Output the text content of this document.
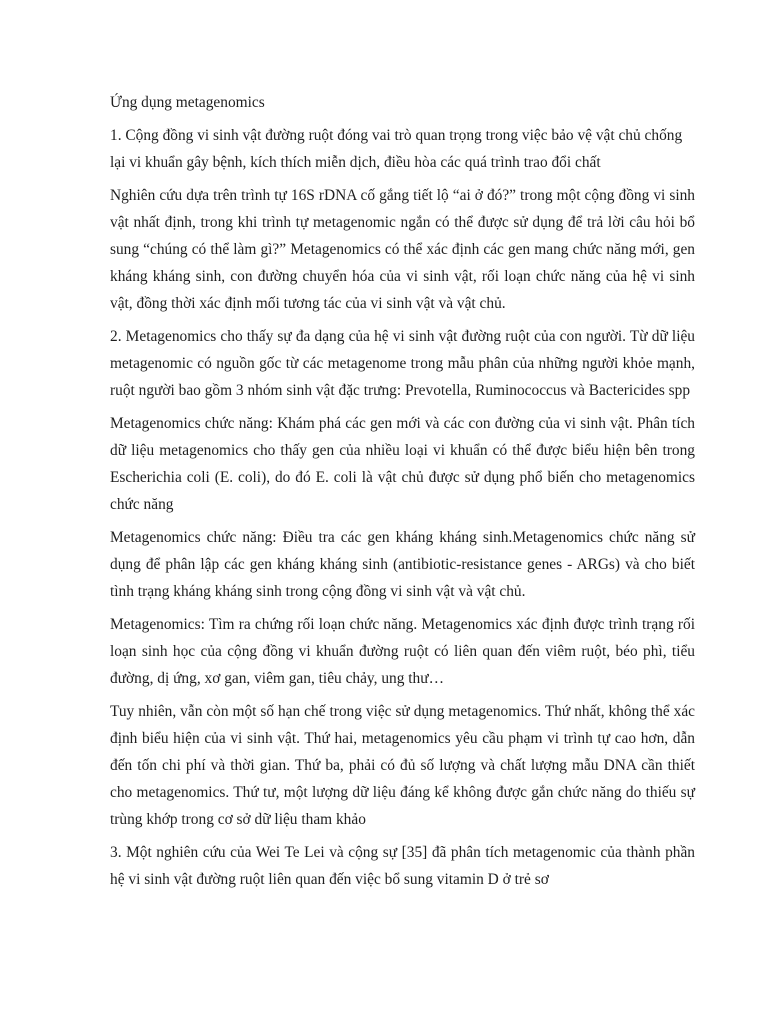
Ứng dụng metagenomics

1. Cộng đồng vi sinh vật đường ruột đóng vai trò quan trọng trong việc bảo vệ vật chủ chống lại vi khuẩn gây bệnh, kích thích miễn dịch, điều hòa các quá trình trao đổi chất

Nghiên cứu dựa trên trình tự 16S rDNA cố gắng tiết lộ “ai ở đó?” trong một cộng đồng vi sinh vật nhất định, trong khi trình tự metagenomic ngắn có thể được sử dụng để trả lời câu hỏi bổ sung “chúng có thể làm gì?” Metagenomics có thể xác định các gen mang chức năng mới, gen kháng kháng sinh, con đường chuyển hóa của vi sinh vật, rối loạn chức năng của hệ vi sinh vật, đồng thời xác định mối tương tác của vi sinh vật và vật chủ.

2. Metagenomics cho thấy sự đa dạng của hệ vi sinh vật đường ruột của con người. Từ dữ liệu metagenomic có nguồn gốc từ các metagenome trong mẫu phân của những người khỏe mạnh, ruột người bao gồm 3 nhóm sinh vật đặc trưng: Prevotella, Ruminococcus và Bactericides spp

Metagenomics chức năng: Khám phá các gen mới và các con đường của vi sinh vật. Phân tích dữ liệu metagenomics cho thấy gen của nhiều loại vi khuẩn có thể được biểu hiện bên trong Escherichia coli (E. coli), do đó E. coli là vật chủ được sử dụng phổ biến cho metagenomics chức năng

Metagenomics chức năng: Điều tra các gen kháng kháng sinh.Metagenomics chức năng sử dụng để phân lập các gen kháng kháng sinh (antibiotic-resistance genes - ARGs) và cho biết tình trạng kháng kháng sinh trong cộng đồng vi sinh vật và vật chủ.

Metagenomics: Tìm ra chứng rối loạn chức năng. Metagenomics xác định được trình trạng rối loạn sinh học của cộng đồng vi khuẩn đường ruột có liên quan đến viêm ruột, béo phì, tiểu đường, dị ứng, xơ gan, viêm gan, tiêu chảy, ung thư…

Tuy nhiên, vẫn còn một số hạn chế trong việc sử dụng metagenomics. Thứ nhất, không thể xác định biểu hiện của vi sinh vật. Thứ hai, metagenomics yêu cầu phạm vi trình tự cao hơn, dẫn đến tốn chi phí và thời gian. Thứ ba, phải có đủ số lượng và chất lượng mẫu DNA cần thiết cho metagenomics. Thứ tư, một lượng dữ liệu đáng kể không được gắn chức năng do thiếu sự trùng khớp trong cơ sở dữ liệu tham khảo

3. Một nghiên cứu của Wei Te Lei và cộng sự [35] đã phân tích metagenomic của thành phần hệ vi sinh vật đường ruột liên quan đến việc bổ sung vitamin D ở trẻ sơ
